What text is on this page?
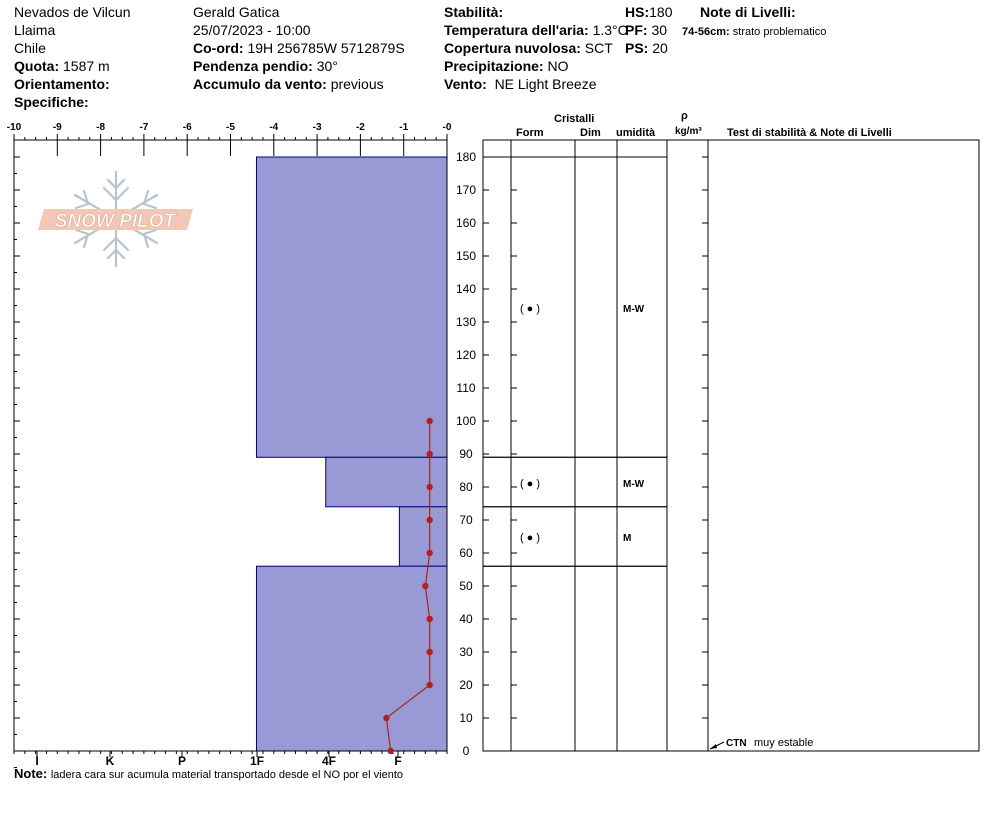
Nevados de Vilcun
Llaima
Chile
Quota: 1587 m
Orientamento:
Specifiche:
Gerald Gatica
25/07/2023 - 10:00
Co-ord: 19H 256785W 5712879S
Pendenza pendio: 30°
Accumulo da vento: previous
Stabilità:
Temperatura dell'aria: 1.3°C
Copertura nuvolosa: SCT
Precipitazione: NO
Vento: NE Light Breeze
HS:180
PF: 30
PS: 20
Note di Livelli:
74-56cm: strato problematico
Cristalli
Form	Dim umidità
ρ
kg/m³ Test di stabilità & Note di Livelli
Note: ladera cara sur acumula material transportado desde el NO por el viento
SNOW PILOT
-10	-9	-8	-7	-6	-5	-4	-3	-2	-1	-0
I	K	P	1F	4F	F
0
10
20
30
40
50
60
70
80
90
100
110
120
130
140
150
160
170
180
( ● )	M-W
( ● )	M-W
( ● )	M
CTN muy estable
